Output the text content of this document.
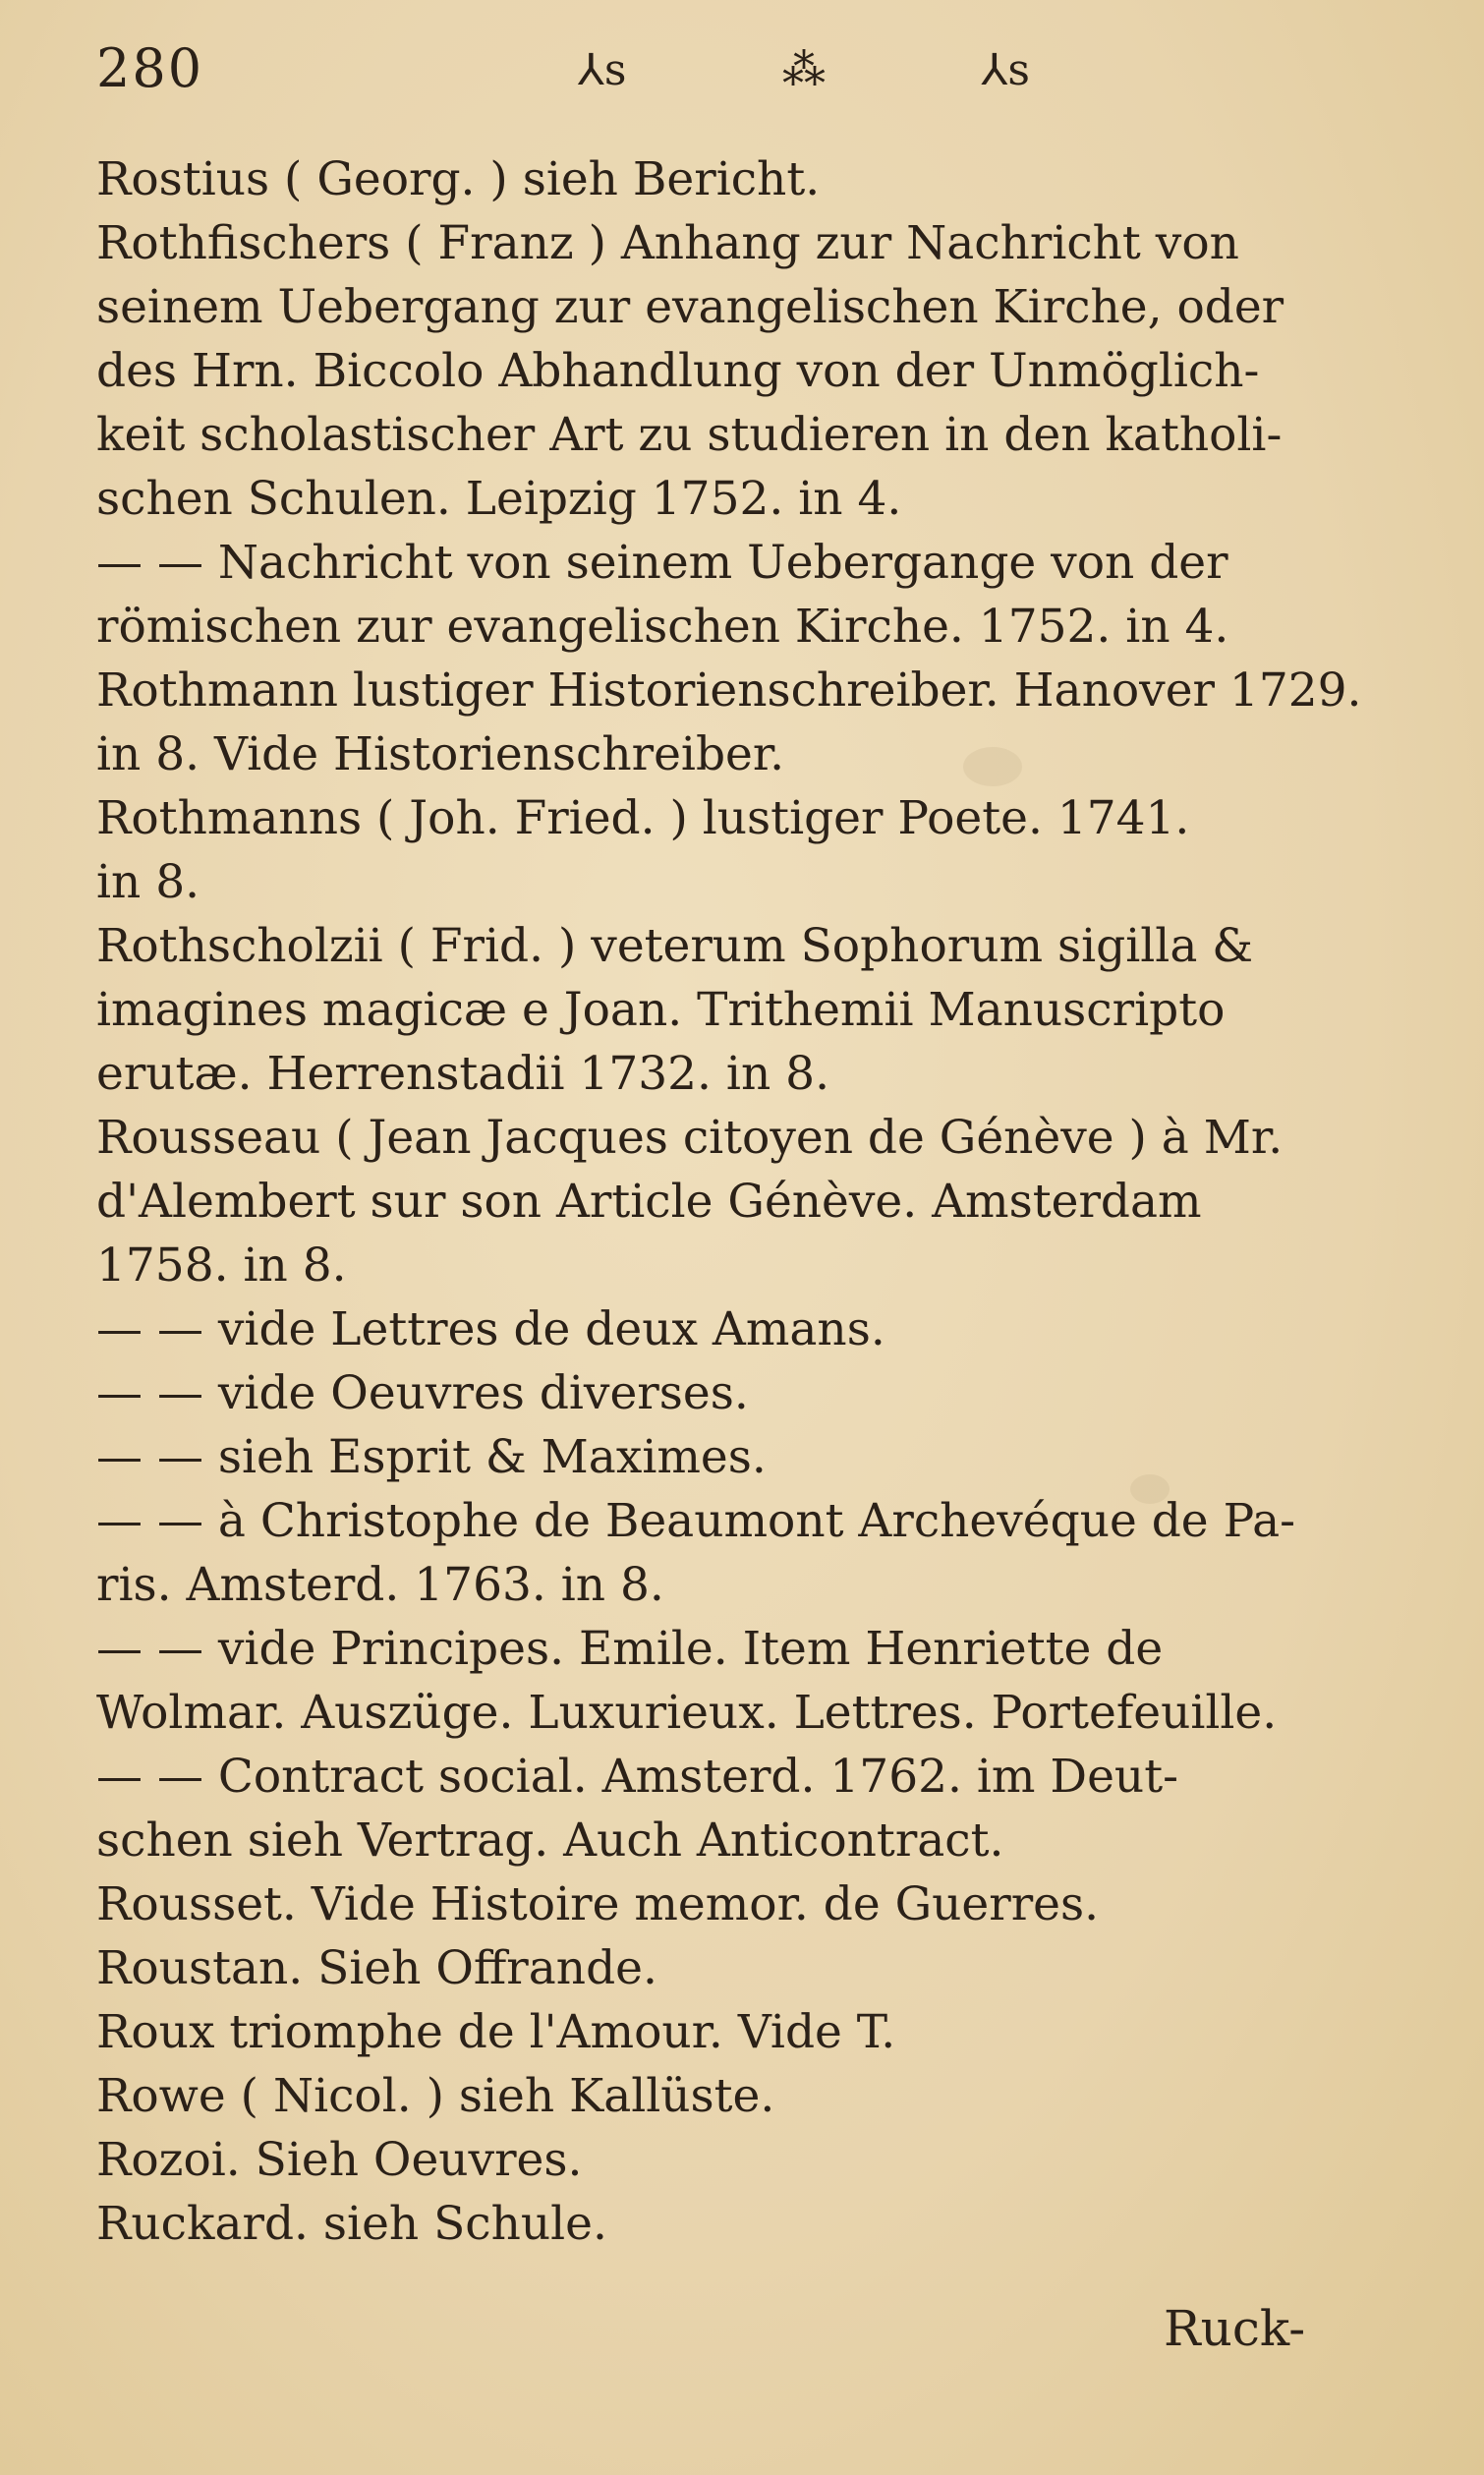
280	⅄s	⁂	⅄s
Rostius ( Georg. ) sieh Bericht.
Rothfischers ( Franz ) Anhang zur Nachricht von
seinem Uebergang zur evangelischen Kirche, oder
des Hrn. Biccolo Abhandlung von der Unmöglich-
keit scholastischer Art zu studieren in den katholi-
schen Schulen. Leipzig 1752. in 4.
— — Nachricht von seinem Uebergange von der
römischen zur evangelischen Kirche. 1752. in 4.
Rothmann lustiger Historienschreiber. Hanover 1729.
in 8. Vide Historienschreiber.
Rothmanns ( Joh. Fried. ) lustiger Poete. 1741.
in 8.
Rothscholzii ( Frid. ) veterum Sophorum sigilla &
imagines magicæ e Joan. Trithemii Manuscripto
erutæ. Herrenstadii 1732. in 8.
Rousseau ( Jean Jacques citoyen de Génève ) à Mr.
d'Alembert sur son Article Génève. Amsterdam
1758. in 8.
— — vide Lettres de deux Amans.
— — vide Oeuvres diverses.
— — sieh Esprit & Maximes.
— — à Christophe de Beaumont Archevéque de Pa-
ris. Amsterd. 1763. in 8.
— — vide Principes. Emile. Item Henriette de
Wolmar. Auszüge. Luxurieux. Lettres. Portefeuille.
— — Contract social. Amsterd. 1762. im Deut-
schen sieh Vertrag. Auch Anticontract.
Rousset. Vide Histoire memor. de Guerres.
Roustan. Sieh Offrande.
Roux triomphe de l'Amour. Vide T.
Rowe ( Nicol. ) sieh Kallüste.
Rozoi. Sieh Oeuvres.
Ruckard. sieh Schule.
Ruck-
